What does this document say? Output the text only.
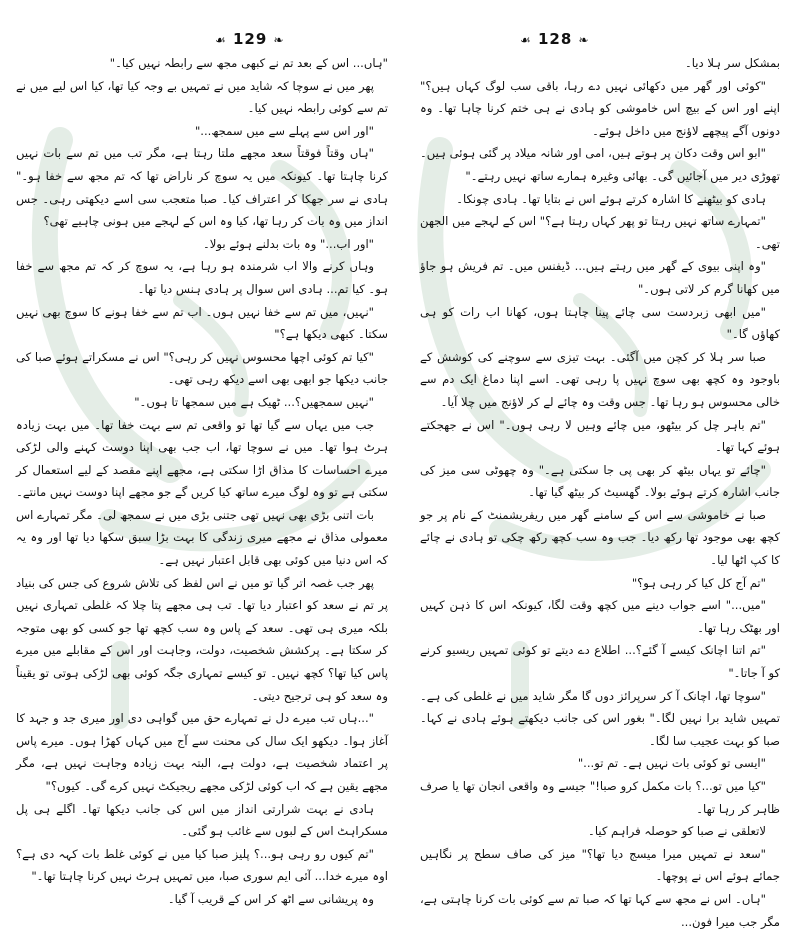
☙ 128 ❧
☙ 129 ❧

بمشکل سر ہلا دیا۔

"کوئی اور گھر میں دکھائی نہیں دے رہا، باقی سب لوگ کہاں ہیں؟" اپنے اور اس کے بیچ اس خاموشی کو ہادی نے ہی ختم کرنا چاہا تھا۔ وہ دونوں آگے پیچھے لاؤنج میں داخل ہوئے۔

"ابو اس وقت دکان پر ہوتے ہیں، امی اور شانہ میلاد پر گئی ہوئی ہیں۔ تھوڑی دیر میں آجائیں گی۔ بھائی وغیرہ ہمارے ساتھ نہیں رہتے۔"

ہادی کو بیٹھنے کا اشارہ کرتے ہوئے اس نے بتایا تھا۔ ہادی چونکا۔

"تمہارے ساتھ نہیں رہتا تو پھر کہاں رہتا ہے؟" اس کے لہجے میں الجھن تھی۔

"وہ اپنی بیوی کے گھر میں رہتے ہیں... ڈیفنس میں۔ تم فریش ہو جاؤ میں کھانا گرم کر لاتی ہوں۔"

"میں ابھی زبردست سی چائے پینا چاہتا ہوں، کھانا اب رات کو ہی کھاؤں گا۔"

صبا سر ہلا کر کچن میں آگئی۔ بہت تیزی سے سوچنے کی کوشش کے باوجود وہ کچھ بھی سوچ نہیں پا رہی تھی۔ اسے اپنا دماغ ایک دم سے خالی محسوس ہو رہا تھا۔ جس وقت وہ چائے لے کر لاؤنج میں چلا آیا۔

"تم باہر چل کر بیٹھو، میں چائے وہیں لا رہی ہوں۔" اس نے جھجکتے ہوئے کہا تھا۔

"چائے تو یہاں بیٹھ کر بھی پی جا سکتی ہے۔" وہ چھوٹی سی میز کی جانب اشارہ کرتے ہوئے بولا۔ گھسیٹ کر بیٹھ گیا تھا۔

صبا نے خاموشی سے اس کے سامنے گھر میں ریفریشمنٹ کے نام پر جو کچھ بھی موجود تھا رکھ دیا۔ جب وہ سب کچھ رکھ چکی تو ہادی نے چائے کا کپ اٹھا لیا۔

"تم آج کل کیا کر رہی ہو؟"

"میں..." اسے جواب دینے میں کچھ وقت لگا، کیونکہ اس کا ذہن کہیں اور بھٹک رہا تھا۔

"تم اتنا اچانک کیسے آ گئے؟... اطلاع دے دیتے تو کوئی تمہیں ریسیو کرنے کو آ جاتا۔"

"سوچا تھا، اچانک آ کر سرپرائز دوں گا مگر شاید میں نے غلطی کی ہے۔ تمہیں شاید برا نہیں لگا۔" بغور اس کی جانب دیکھتے ہوئے ہادی نے کہا۔ صبا کو بہت عجیب سا لگا۔

"ایسی تو کوئی بات نہیں ہے۔ تم تو..."

"کیا میں تو...؟ بات مکمل کرو صبا!" جیسے وہ واقعی انجان تھا یا صرف ظاہر کر رہا تھا۔

لاتعلقی نے صبا کو حوصلہ فراہم کیا۔

"سعد نے تمہیں میرا میسج دیا تھا؟" میز کی صاف سطح پر نگاہیں جمائے ہوئے اس نے پوچھا۔

"ہاں۔ اس نے مجھ سے کہا تھا کہ صبا تم سے کوئی بات کرنا چاہتی ہے، مگر جب میرا فون...

"ہاں... اس کے بعد تم نے کبھی مجھ سے رابطہ نہیں کیا۔"

پھر میں نے سوچا کہ شاید میں نے تمہیں بے وجہ کیا تھا، کیا اس لیے میں نے تم سے کوئی رابطہ نہیں کیا۔

"اور اس سے پہلے سے میں سمجھ..."

"ہاں وقتاً فوقتاً سعد مجھے ملتا رہتا ہے، مگر تب میں تم سے بات نہیں کرنا چاہتا تھا۔ کیونکہ میں یہ سوچ کر ناراض تھا کہ تم مجھ سے خفا ہو۔" ہادی نے سر جھکا کر اعتراف کیا۔ صبا متعجب سی اسے دیکھتی رہی۔ جس انداز میں وہ بات کر رہا تھا، کیا وہ اس کے لہجے میں ہونی چاہیے تھی؟

"اور اب..." وہ بات بدلنے ہوئے بولا۔

وہاں کرنے والا اب شرمندہ ہو رہا ہے، یہ سوچ کر کہ تم مجھ سے خفا ہو۔ کیا تم... ہادی اس سوال پر ہادی ہنس دیا تھا۔

"نہیں، میں تم سے خفا نہیں ہوں۔ اب تم سے خفا ہونے کا سوچ بھی نہیں سکتا۔ کبھی دیکھا ہے؟"

"کیا تم کوئی اچھا محسوس نہیں کر رہی؟" اس نے مسکراتے ہوئے صبا کی جانب دیکھا جو ابھی بھی اسے دیکھ رہی تھی۔

"نہیں سمجھیں؟... ٹھیک ہے میں سمجھا تا ہوں۔"

جب میں یہاں سے گیا تھا تو واقعی تم سے بہت خفا تھا۔ میں بہت زیادہ ہرٹ ہوا تھا۔ میں نے سوچا تھا، اب جب بھی اپنا دوست کہنے والی لڑکی میرے احساسات کا مذاق اڑا سکتی ہے، مجھے اپنے مقصد کے لیے استعمال کر سکتی ہے تو وہ لوگ میرے ساتھ کیا کریں گے جو مجھے اپنا دوست نہیں مانتے۔

بات اتنی بڑی بھی نہیں تھی جتنی بڑی میں نے سمجھ لی۔ مگر تمہارے اس معمولی مذاق نے مجھے میری زندگی کا بہت بڑا سبق سکھا دیا تھا اور وہ یہ کہ اس دنیا میں کوئی بھی قابل اعتبار نہیں ہے۔

پھر جب غصہ اتر گیا تو میں نے اس لفظ کی تلاش شروع کی جس کی بنیاد پر تم نے سعد کو اعتبار دیا تھا۔ تب ہی مجھے پتا چلا کہ غلطی تمہاری نہیں بلکہ میری ہی تھی۔ سعد کے پاس وہ سب کچھ تھا جو کسی کو بھی متوجہ کر سکتا ہے۔ پرکشش شخصیت، دولت، وجاہت اور اس کے مقابلے میں میرے پاس کیا تھا؟ کچھ نہیں۔ تو کیسے تمہاری جگہ کوئی بھی لڑکی ہوتی تو یقیناً وہ سعد کو ہی ترجیح دیتی۔

"...ہاں تب میرے دل نے تمہارے حق میں گواہی دی اور میری جد و جہد کا آغاز ہوا۔ دیکھو ایک سال کی محنت سے آج میں کہاں کھڑا ہوں۔ میرے پاس پر اعتماد شخصیت ہے، دولت ہے، البتہ بہت زیادہ وجاہت نہیں ہے، مگر مجھے یقین ہے کہ اب کوئی لڑکی مجھے ریجیکٹ نہیں کرے گی۔ کیوں؟"

ہادی نے بہت شرارتی انداز میں اس کی جانب دیکھا تھا۔ اگلے ہی پل مسکراہٹ اس کے لبوں سے غائب ہو گئی۔

"تم کیوں رو رہی ہو...؟ پلیز صبا کیا میں نے کوئی غلط بات کہہ دی ہے؟ اوہ میرے خدا... آئی ایم سوری صبا، میں تمہیں ہرٹ نہیں کرنا چاہتا تھا۔"

وہ پریشانی سے اٹھ کر اس کے قریب آ گیا۔
